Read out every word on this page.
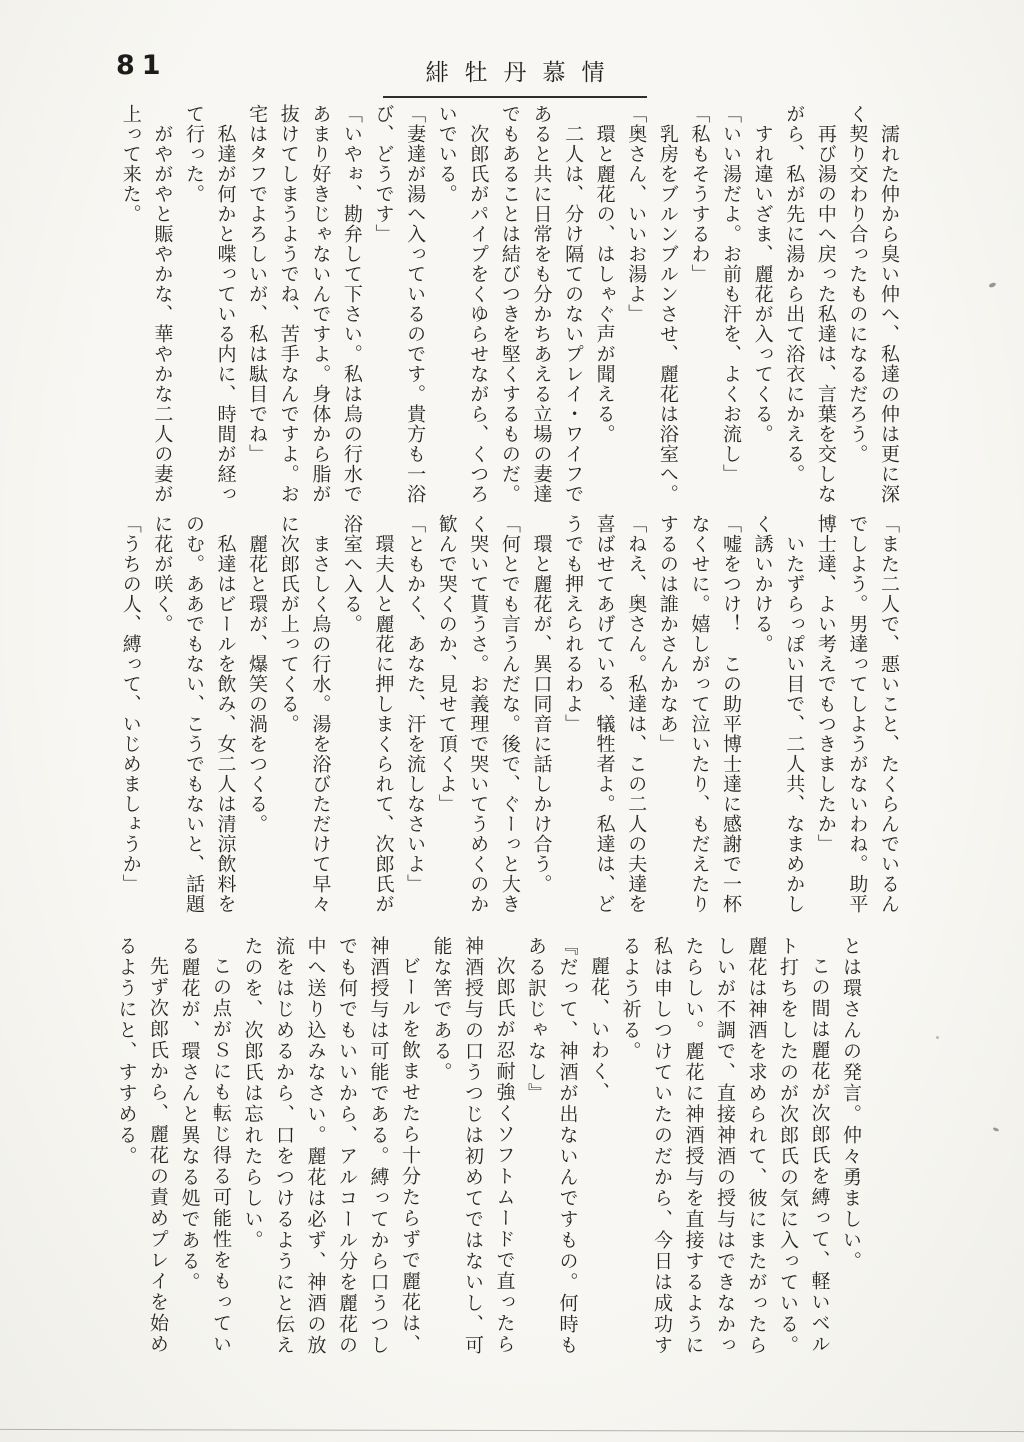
81	緋牡丹慕情

濡れた仲から臭い仲へ、私達の仲は更に深く契り交わり合ったものになるだろう。

再び湯の中へ戻った私達は、言葉を交しながら、私が先に湯から出て浴衣にかえる。

すれ違いざま、麗花が入ってくる。

「いい湯だよ。お前も汗を、よくお流し」

「私もそうするわ」

乳房をブルンブルンさせ、麗花は浴室へ。

「奥さん、いいお湯よ」

環と麗花の、はしゃぐ声が聞える。

二人は、分け隔てのないプレイ・ワイフであると共に日常をも分かちあえる立場の妻達でもあることは結びつきを堅くするものだ。

次郎氏がパイプをくゆらせながら、くつろいでいる。

「妻達が湯へ入っているのです。貴方も一浴び、どうです」

「いやぉ、勘弁して下さい。私は烏の行水であまり好きじゃないんですよ。身体から脂が抜けてしまうようでね、苦手なんですよ。お宅はタフでよろしいが、私は駄目でね」

私達が何かと喋っている内に、時間が経って行った。

がやがやと賑やかな、華やかな二人の妻が上って来た。

「また二人で、悪いこと、たくらんでいるんでしよう。男達ってしようがないわね。助平博士達、よい考えでもつきましたか」

いたずらっぽい目で、二人共、なまめかしく誘いかける。

「嘘をつけ！　この助平博士達に感謝で一杯なくせに。嬉しがって泣いたり、もだえたりするのは誰かさんかなあ」

「ねえ、奥さん。私達は、この二人の夫達を喜ばせてあげている、犠牲者よ。私達は、どうでも押えられるわよ」

環と麗花が、異口同音に話しかけ合う。

「何とでも言うんだな。後で、ぐーっと大きく哭いて貰うさ。お義理で哭いてうめくのか歓んで哭くのか、見せて頂くよ」

「ともかく、あなた、汗を流しなさいよ」

環夫人と麗花に押しまくられて、次郎氏が浴室へ入る。

まさしく烏の行水。湯を浴びただけて早々に次郎氏が上ってくる。

麗花と環が、爆笑の渦をつくる。

私達はビールを飲み、女二人は清涼飲料をのむ。ああでもない、こうでもないと、話題に花が咲く。

「うちの人、縛って、いじめましょうか」

とは環さんの発言。仲々勇ましい。

この間は麗花が次郎氏を縛って、軽いベルト打ちをしたのが次郎氏の気に入っている。

麗花は神酒を求められて、彼にまたがったらしいが不調で、直接神酒の授与はできなかったらしい。麗花に神酒授与を直接するように私は申しつけていたのだから、今日は成功するよう祈る。

麗花、いわく、

『だって、神酒が出ないんですもの。何時もある訳じゃなし』

次郎氏が忍耐強くソフトムードで直ったら神酒授与の口うつじは初めてではないし、可能な筈である。

ビールを飲ませたら十分たらずで麗花は、神酒授与は可能である。縛ってから口うつしでも何でもいいから、アルコール分を麗花の中へ送り込みなさい。麗花は必ず、神酒の放流をはじめるから、口をつけるようにと伝えたのを、次郎氏は忘れたらしい。

この点がＳにも転じ得る可能性をもっている麗花が、環さんと異なる処である。

先ず次郎氏から、麗花の責めプレイを始めるようにと、すすめる。
